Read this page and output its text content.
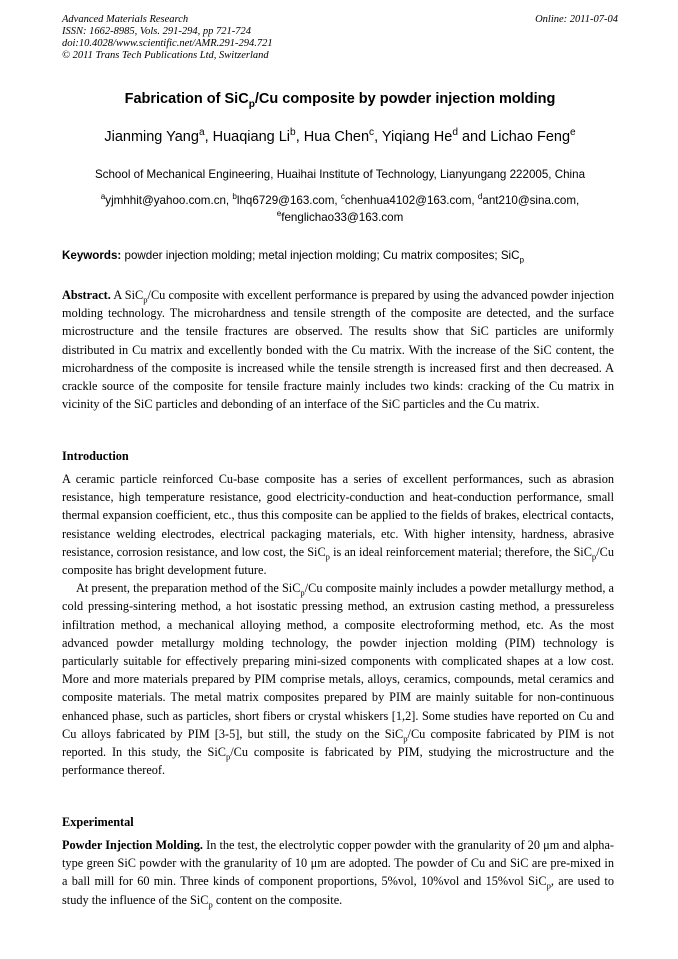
Advanced Materials Research
ISSN: 1662-8985, Vols. 291-294, pp 721-724
doi:10.4028/www.scientific.net/AMR.291-294.721
© 2011 Trans Tech Publications Ltd, Switzerland
Online: 2011-07-04
Fabrication of SiC$_p$/Cu composite by powder injection molding
Jianming Yang$^a$, Huaqiang Li$^b$, Hua Chen$^c$, Yiqiang He$^d$ and Lichao Feng$^e$
School of Mechanical Engineering, Huaihai Institute of Technology, Lianyungang 222005, China
$^a$yjmhhit@yahoo.com.cn, $^b$lhq6729@163.com, $^c$chenhua4102@163.com, $^d$ant210@sina.com,
$^e$fenglichao33@163.com
Keywords: powder injection molding; metal injection molding; Cu matrix composites; SiC$_p$
Abstract. A SiC$_p$/Cu composite with excellent performance is prepared by using the advanced powder injection molding technology. The microhardness and tensile strength of the composite are detected, and the surface microstructure and the tensile fractures are observed. The results show that SiC particles are uniformly distributed in Cu matrix and excellently bonded with the Cu matrix. With the increase of the SiC content, the microhardness of the composite is increased while the tensile strength is increased first and then decreased. A crackle source of the composite for tensile fracture mainly includes two kinds: cracking of the Cu matrix in vicinity of the SiC particles and debonding of an interface of the SiC particles and the Cu matrix.
Introduction

A ceramic particle reinforced Cu-base composite has a series of excellent performances, such as abrasion resistance, high temperature resistance, good electricity-conduction and heat-conduction performance, small thermal expansion coefficient, etc., thus this composite can be applied to the fields of brakes, electrical contacts, resistance welding electrodes, electrical packaging materials, etc. With higher intensity, hardness, abrasive resistance, corrosion resistance, and low cost, the SiC$_p$ is an ideal reinforcement material; therefore, the SiC$_p$/Cu composite has bright development future.

At present, the preparation method of the SiC$_p$/Cu composite mainly includes a powder metallurgy method, a cold pressing-sintering method, a hot isostatic pressing method, an extrusion casting method, a pressureless infiltration method, a mechanical alloying method, a composite electroforming method, etc. As the most advanced powder metallurgy molding technology, the powder injection molding (PIM) technology is particularly suitable for effectively preparing mini-sized components with complicated shapes at a low cost. More and more materials prepared by PIM comprise metals, alloys, ceramics, compounds, metal ceramics and composite materials. The metal matrix composites prepared by PIM are mainly suitable for non-continuous enhanced phase, such as particles, short fibers or crystal whiskers [1,2]. Some studies have reported on Cu and Cu alloys fabricated by PIM [3-5], but still, the study on the SiC$_p$/Cu composite fabricated by PIM is not reported. In this study, the SiC$_p$/Cu composite is fabricated by PIM, studying the microstructure and the performance thereof.

Experimental
Powder Injection Molding. In the test, the electrolytic copper powder with the granularity of 20 μm and alpha-type green SiC powder with the granularity of 10 μm are adopted. The powder of Cu and SiC are pre-mixed in a ball mill for 60 min. Three kinds of component proportions, 5%vol, 10%vol and 15%vol SiC$_p$, are used to study the influence of the SiC$_p$ content on the composite.
